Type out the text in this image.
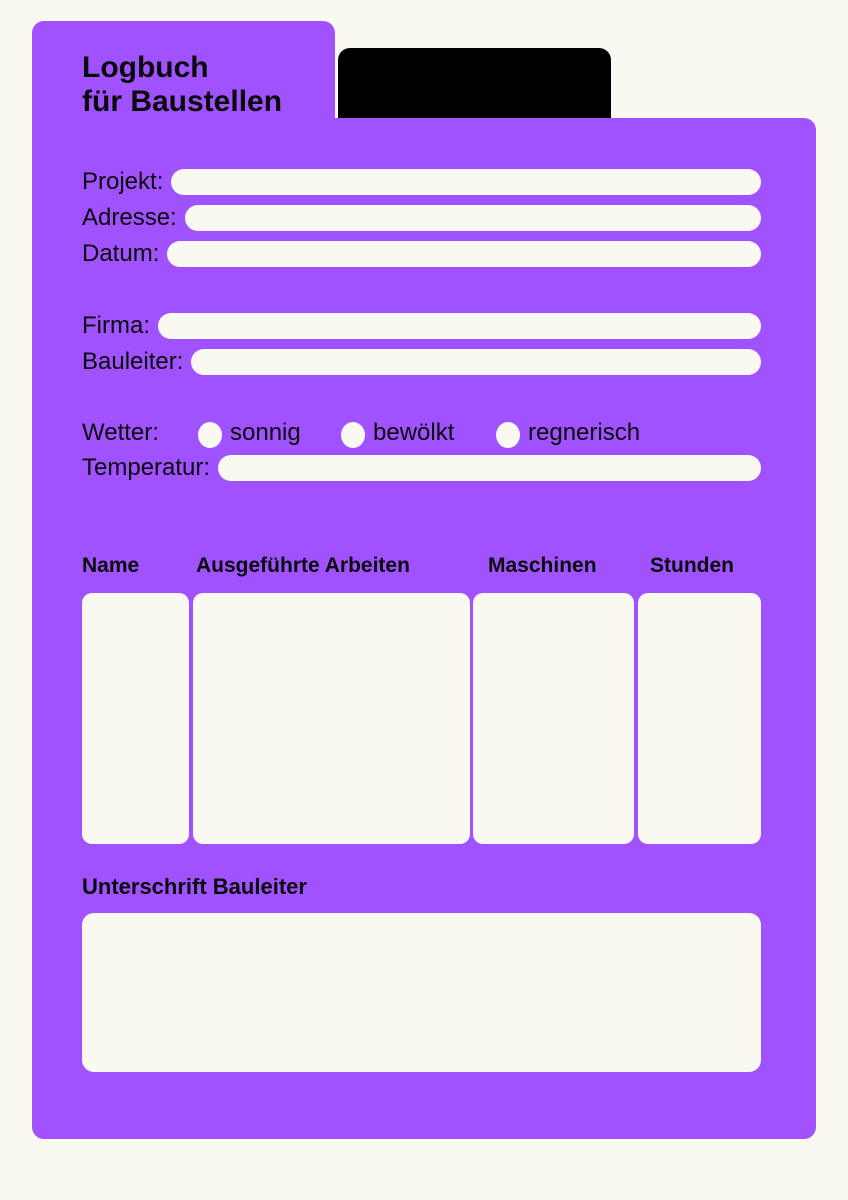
Logbuch
für Baustellen
Projekt:
Adresse:
Datum:
Firma:
Bauleiter:
Wetter:	sonnig	bewölkt	regnerisch
Temperatur:
Name	Ausgeführte Arbeiten	Maschinen	Stunden
Unterschrift Bauleiter
